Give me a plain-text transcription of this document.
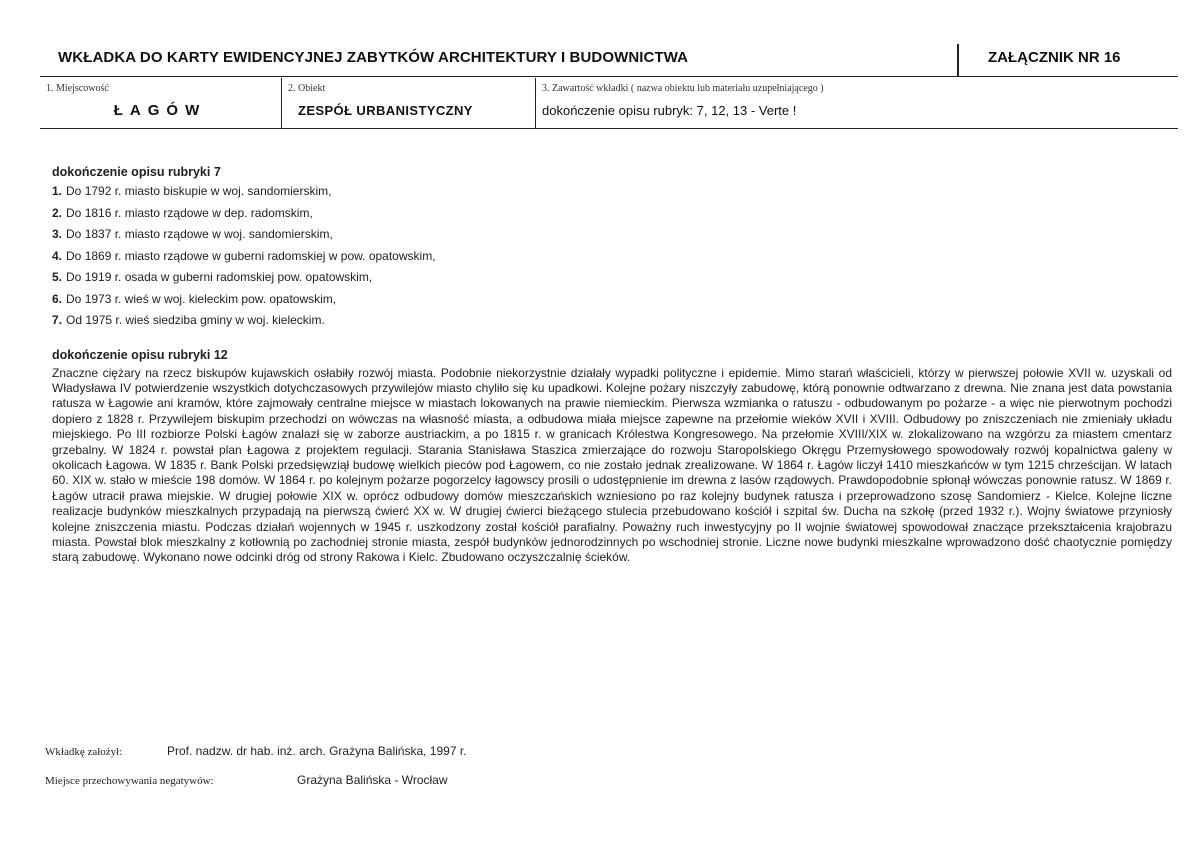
WKŁADKA DO KARTY EWIDENCYJNEJ ZABYTKÓW ARCHITEKTURY I BUDOWNICTWA	ZAŁĄCZNIK NR 16
1. Miejscowość
ŁAGÓW
2. Obiekt
ZESPÓŁ URBANISTYCZNY
3. Zawartość wkładki ( nazwa obiektu lub materiału uzupełniającego )
dokończenie opisu rubryk: 7, 12, 13 - Verte !
dokończenie opisu rubryki 7
1. Do 1792 r. miasto biskupie w woj. sandomierskim,
2. Do 1816 r. miasto rządowe w dep. radomskim,
3. Do 1837 r. miasto rządowe w woj. sandomierskim,
4. Do 1869 r. miasto rządowe w guberni radomskiej w pow. opatowskim,
5. Do 1919 r. osada w guberni radomskiej pow. opatowskim,
6. Do 1973 r. wieś w woj. kieleckim pow. opatowskim,
7. Od 1975 r. wieś siedziba gminy w woj. kieleckim.
dokończenie opisu rubryki 12

Znaczne ciężary na rzecz biskupów kujawskich osłabiły rozwój miasta. Podobnie niekorzystnie działały wypadki polityczne i epidemie. Mimo starań właścicieli, którzy w pierwszej połowie XVII w. uzyskali od Władysława IV potwierdzenie wszystkich dotychczasowych przywilejów miasto chyliło się ku upadkowi. Kolejne pożary niszczyły zabudowę, którą ponownie odtwarzano z drewna. Nie znana jest data powstania ratusza w Łagowie ani kramów, które zajmowały centralne miejsce w miastach lokowanych na prawie niemieckim. Pierwsza wzmianka o ratuszu - odbudowanym po pożarze - a więc nie pierwotnym pochodzi dopiero z 1828 r. Przywilejem biskupim przechodzi on wówczas na własność miasta, a odbudowa miała miejsce zapewne na przełomie wieków XVII i XVIII. Odbudowy po zniszczeniach nie zmieniały układu miejskiego. Po III rozbiorze Polski Łagów znalazł się w zaborze austriackim, a po 1815 r. w granicach Królestwa Kongresowego. Na przełomie XVIII/XIX w. zlokalizowano na wzgórzu za miastem cmentarz grzebalny. W 1824 r. powstał plan Łagowa z projektem regulacji. Starania Stanisława Staszica zmierzające do rozwoju Staropolskiego Okręgu Przemysłowego spowodowały rozwój kopalnictwa galeny w okolicach Łagowa. W 1835 r. Bank Polski przedsięwziął budowę wielkich pieców pod Łagowem, co nie zostało jednak zrealizowane. W 1864 r. Łagów liczył 1410 mieszkańców w tym 1215 chrześcijan. W latach 60. XIX w. stało w mieście 198 domów. W 1864 r. po kolejnym pożarze pogorzelcy łagowscy prosili o udostępnienie im drewna z lasów rządowych. Prawdopodobnie spłonął wówczas ponownie ratusz. W 1869 r. Łagów utracił prawa miejskie. W drugiej połowie XIX w. oprócz odbudowy domów mieszczańskich wzniesiono po raz kolejny budynek ratusza i przeprowadzono szosę Sandomierz - Kielce. Kolejne liczne realizacje budynków mieszkalnych przypadają na pierwszą ćwierć XX w. W drugiej ćwierci bieżącego stulecia przebudowano kościół i szpital św. Ducha na szkołę (przed 1932 r.). Wojny światowe przyniosły kolejne zniszczenia miastu. Podczas działań wojennych w 1945 r. uszkodzony został kościół parafialny. Poważny ruch inwestycyjny po II wojnie światowej spowodował znaczące przekształcenia krajobrazu miasta. Powstał blok mieszkalny z kotłownią po zachodniej stronie miasta, zespół budynków jednorodzinnych po wschodniej stronie. Liczne nowe budynki mieszkalne wprowadzono dość chaotycznie pomiędzy starą zabudowę. Wykonano nowe odcinki dróg od strony Rakowa i Kielc. Zbudowano oczyszczalnię ścieków.

Wkładkę założył:	Prof. nadzw. dr hab. inż. arch. Grażyna Balińska, 1997 r.
Miejsce przechowywania negatywów:	Grażyna Balińska - Wrocław
